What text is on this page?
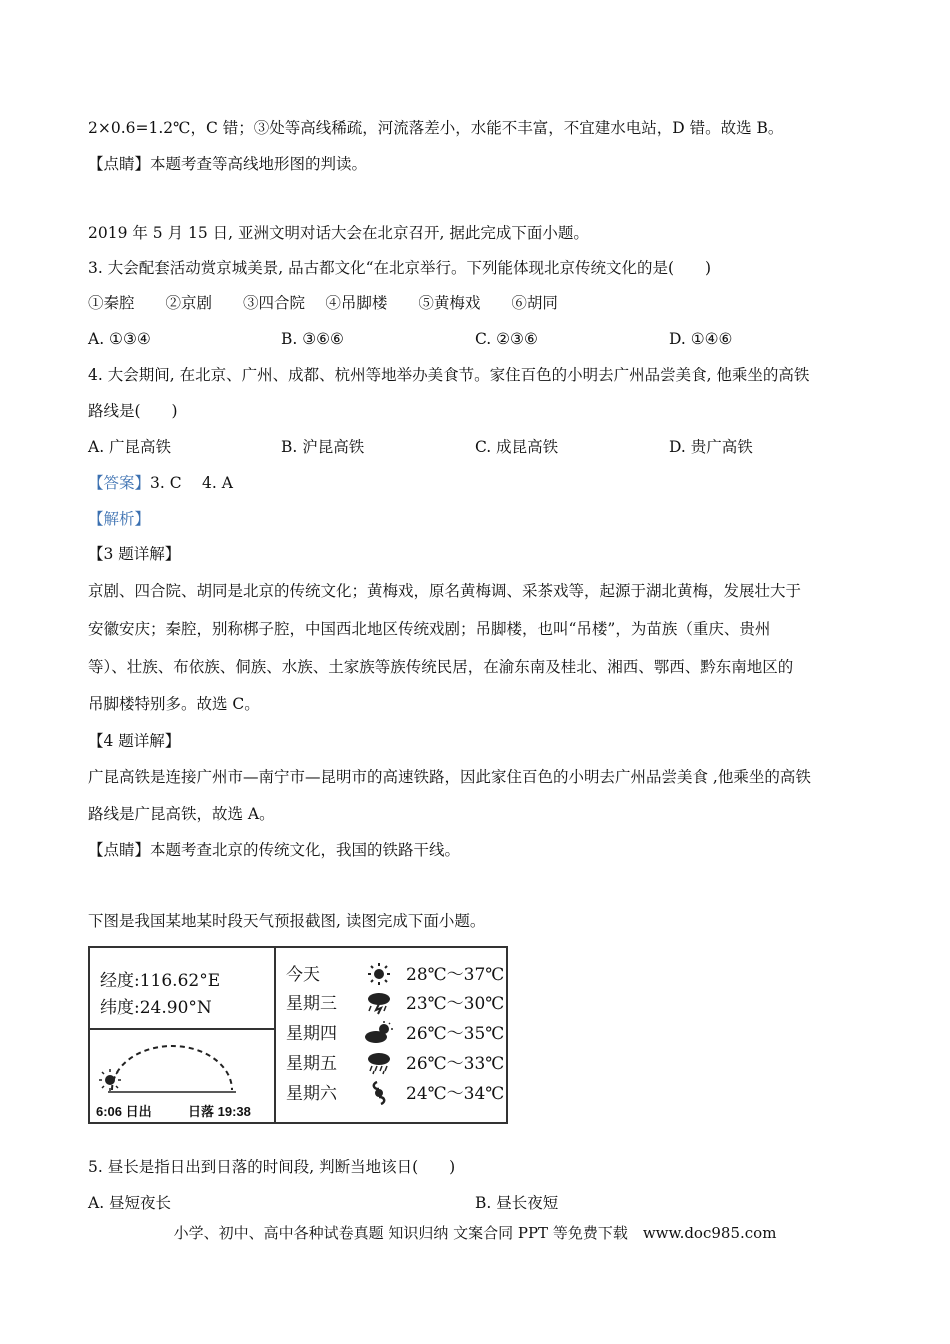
2×0.6=1.2℃，C 错；③处等高线稀疏，河流落差小，水能不丰富，不宜建水电站，D 错。故选 B。
【点睛】本题考查等高线地形图的判读。
2019 年 5 月 15 日, 亚洲文明对话大会在北京召开, 据此完成下面小题。
3. 大会配套活动赏京城美景, 品古都文化“在北京举行。下列能体现北京传统文化的是(　　)
①秦腔　　②京剧　　③四合院　 ④吊脚楼　　⑤黄梅戏　　⑥胡同
A. ①③④	B. ③⑥⑥	C. ②③⑥	D. ①④⑥
4. 大会期间, 在北京、广州、成都、杭州等地举办美食节。家住百色的小明去广州品尝美食, 他乘坐的高铁
路线是(　　)
A. 广昆高铁	B. 沪昆高铁	C. 成昆高铁	D. 贵广高铁
【答案】3. C　 4. A
【解析】
【3 题详解】
京剧、四合院、胡同是北京的传统文化；黄梅戏，原名黄梅调、采茶戏等，起源于湖北黄梅，发展壮大于
安徽安庆；秦腔，别称梆子腔，中国西北地区传统戏剧；吊脚楼，也叫“吊楼”，为苗族（重庆、贵州
等）、壮族、布依族、侗族、水族、土家族等族传统民居，在渝东南及桂北、湘西、鄂西、黔东南地区的
吊脚楼特别多。故选 C。
【4 题详解】
广昆高铁是连接广州市—南宁市—昆明市的高速铁路，因此家住百色的小明去广州品尝美食 ,他乘坐的高铁
路线是广昆高铁，故选 A。
【点睛】本题考查北京的传统文化，我国的铁路干线。
下图是我国某地某时段天气预报截图, 读图完成下面小题。
经度:116.62°E
纬度:24.90°N
6:06 日出	日落 19:38
今天	28℃～37℃
星期三	23℃～30℃
星期四	26℃～35℃
星期五	26℃～33℃
星期六	24℃～34℃
5. 昼长是指日出到日落的时间段, 判断当地该日(　　)
A. 昼短夜长	B. 昼长夜短
小学、初中、高中各种试卷真题 知识归纳 文案合同 PPT 等免费下载　www.doc985.com
